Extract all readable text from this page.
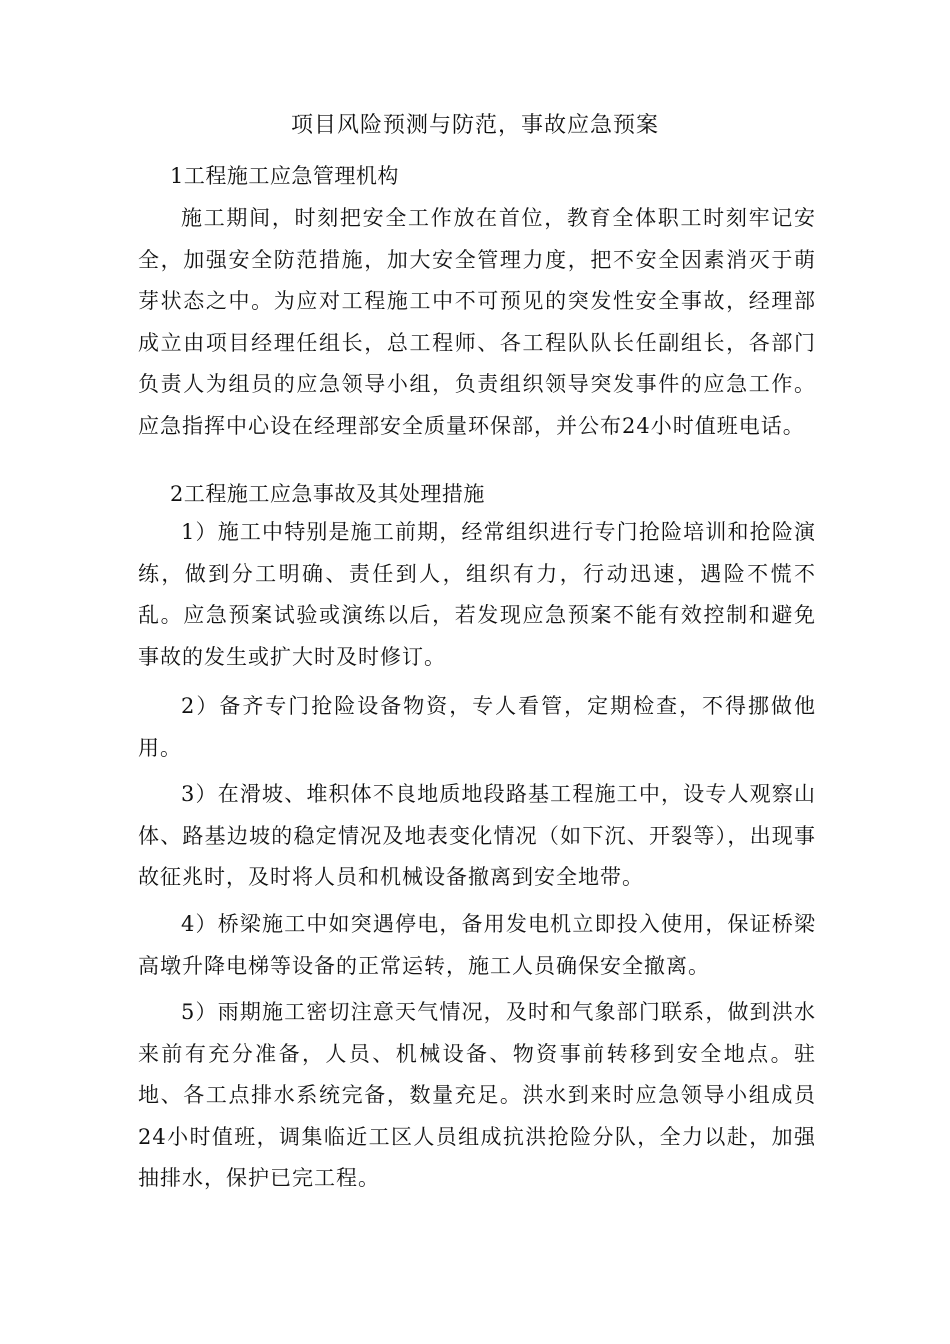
项目风险预测与防范，事故应急预案
1工程施工应急管理机构

施工期间，时刻把安全工作放在首位，教育全体职工时刻牢记安全，加强安全防范措施，加大安全管理力度，把不安全因素消灭于萌芽状态之中。为应对工程施工中不可预见的突发性安全事故，经理部成立由项目经理任组长，总工程师、各工程队队长任副组长，各部门负责人为组员的应急领导小组，负责组织领导突发事件的应急工作。应急指挥中心设在经理部安全质量环保部，并公布24小时值班电话。

2工程施工应急事故及其处理措施

1）施工中特别是施工前期，经常组织进行专门抢险培训和抢险演练，做到分工明确、责任到人，组织有力，行动迅速，遇险不慌不乱。应急预案试验或演练以后，若发现应急预案不能有效控制和避免事故的发生或扩大时及时修订。

2）备齐专门抢险设备物资，专人看管，定期检查，不得挪做他用。

3）在滑坡、堆积体不良地质地段路基工程施工中，设专人观察山体、路基边坡的稳定情况及地表变化情况（如下沉、开裂等），出现事故征兆时，及时将人员和机械设备撤离到安全地带。

4）桥梁施工中如突遇停电，备用发电机立即投入使用，保证桥梁高墩升降电梯等设备的正常运转，施工人员确保安全撤离。

5）雨期施工密切注意天气情况，及时和气象部门联系，做到洪水来前有充分准备，人员、机械设备、物资事前转移到安全地点。驻地、各工点排水系统完备，数量充足。洪水到来时应急领导小组成员24小时值班，调集临近工区人员组成抗洪抢险分队，全力以赴，加强抽排水，保护已完工程。
